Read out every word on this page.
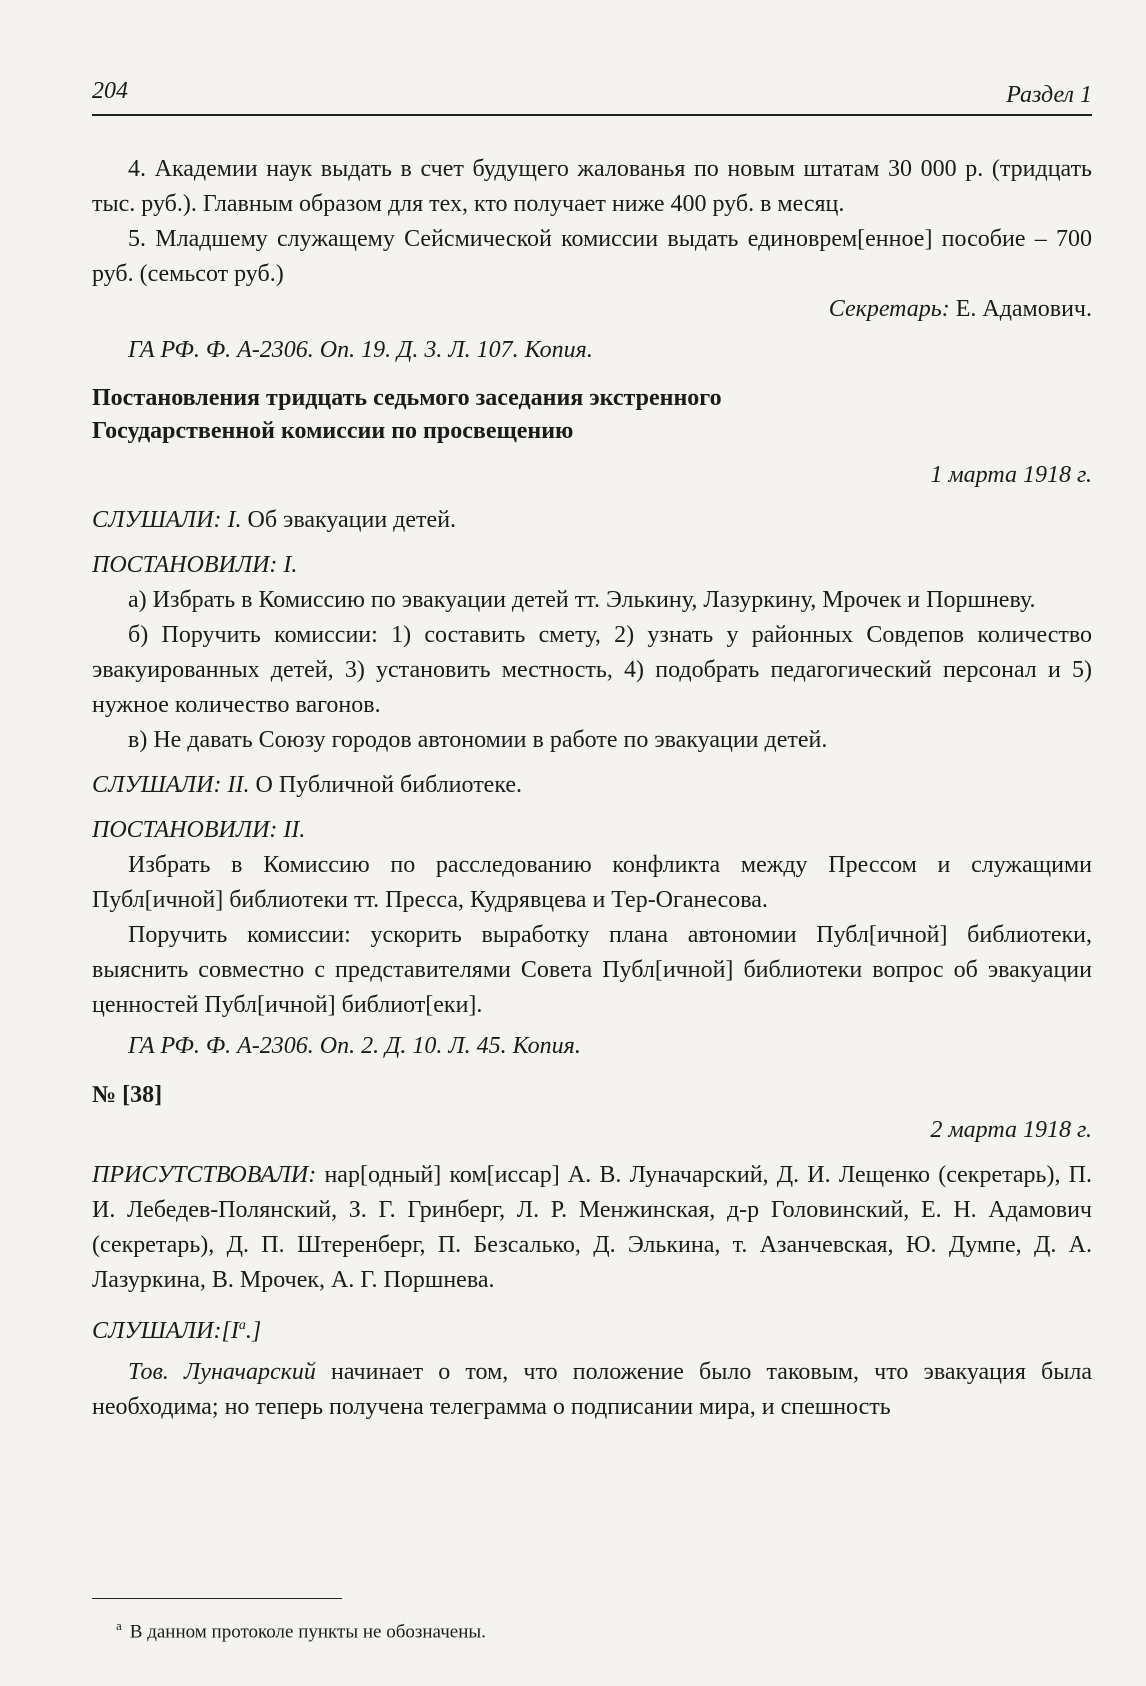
204	Раздел 1

4. Академии наук выдать в счет будущего жалованья по новым штатам 30 000 р. (тридцать тыс. руб.). Главным образом для тех, кто получает ниже 400 руб. в месяц.

5. Младшему служащему Сейсмической комиссии выдать единоврем[енное] пособие – 700 руб. (семьсот руб.)

Секретарь: Е. Адамович.

ГА РФ. Ф. А-2306. Оп. 19. Д. 3. Л. 107. Копия.

Постановления тридцать седьмого заседания экстренного

Государственной комиссии по просвещению

1 марта 1918 г.

СЛУШАЛИ: I. Об эвакуации детей.

ПОСТАНОВИЛИ: I.

а) Избрать в Комиссию по эвакуации детей тт. Элькину, Лазуркину, Мрочек и Поршневу.

б) Поручить комиссии: 1) составить смету, 2) узнать у районных Совдепов количество эвакуированных детей, 3) установить местность, 4) подобрать педагогический персонал и 5) нужное количество вагонов.

в) Не давать Союзу городов автономии в работе по эвакуации детей.

СЛУШАЛИ: II. О Публичной библиотеке.

ПОСТАНОВИЛИ: II.

Избрать в Комиссию по расследованию конфликта между Прессом и служащими Публ[ичной] библиотеки тт. Пресса, Кудрявцева и Тер-Оганесова.

Поручить комиссии: ускорить выработку плана автономии Публ[ичной] библиотеки, выяснить совместно с представителями Совета Публ[ичной] библиотеки вопрос об эвакуации ценностей Публ[ичной] библиот[еки].

ГА РФ. Ф. А-2306. Оп. 2. Д. 10. Л. 45. Копия.

№ [38]

2 марта 1918 г.

ПРИСУТСТВОВАЛИ: нар[одный] ком[иссар] А. В. Луначарский, Д. И. Лещенко (секретарь), П. И. Лебедев-Полянский, З. Г. Гринберг, Л. Р. Менжинская, д-р Головинский, Е. Н. Адамович (секретарь), Д. П. Штеренберг, П. Безсалько, Д. Элькина, т. Азанчевская, Ю. Думпе, Д. А. Лазуркина, В. Мрочек, А. Г. Поршнева.

СЛУШАЛИ:[I$^а$.]

Тов. Луначарский начинает о том, что положение было таковым, что эвакуация была необходима; но теперь получена телеграмма о подписании мира, и спешность

$^а$ В данном протоколе пункты не обозначены.
